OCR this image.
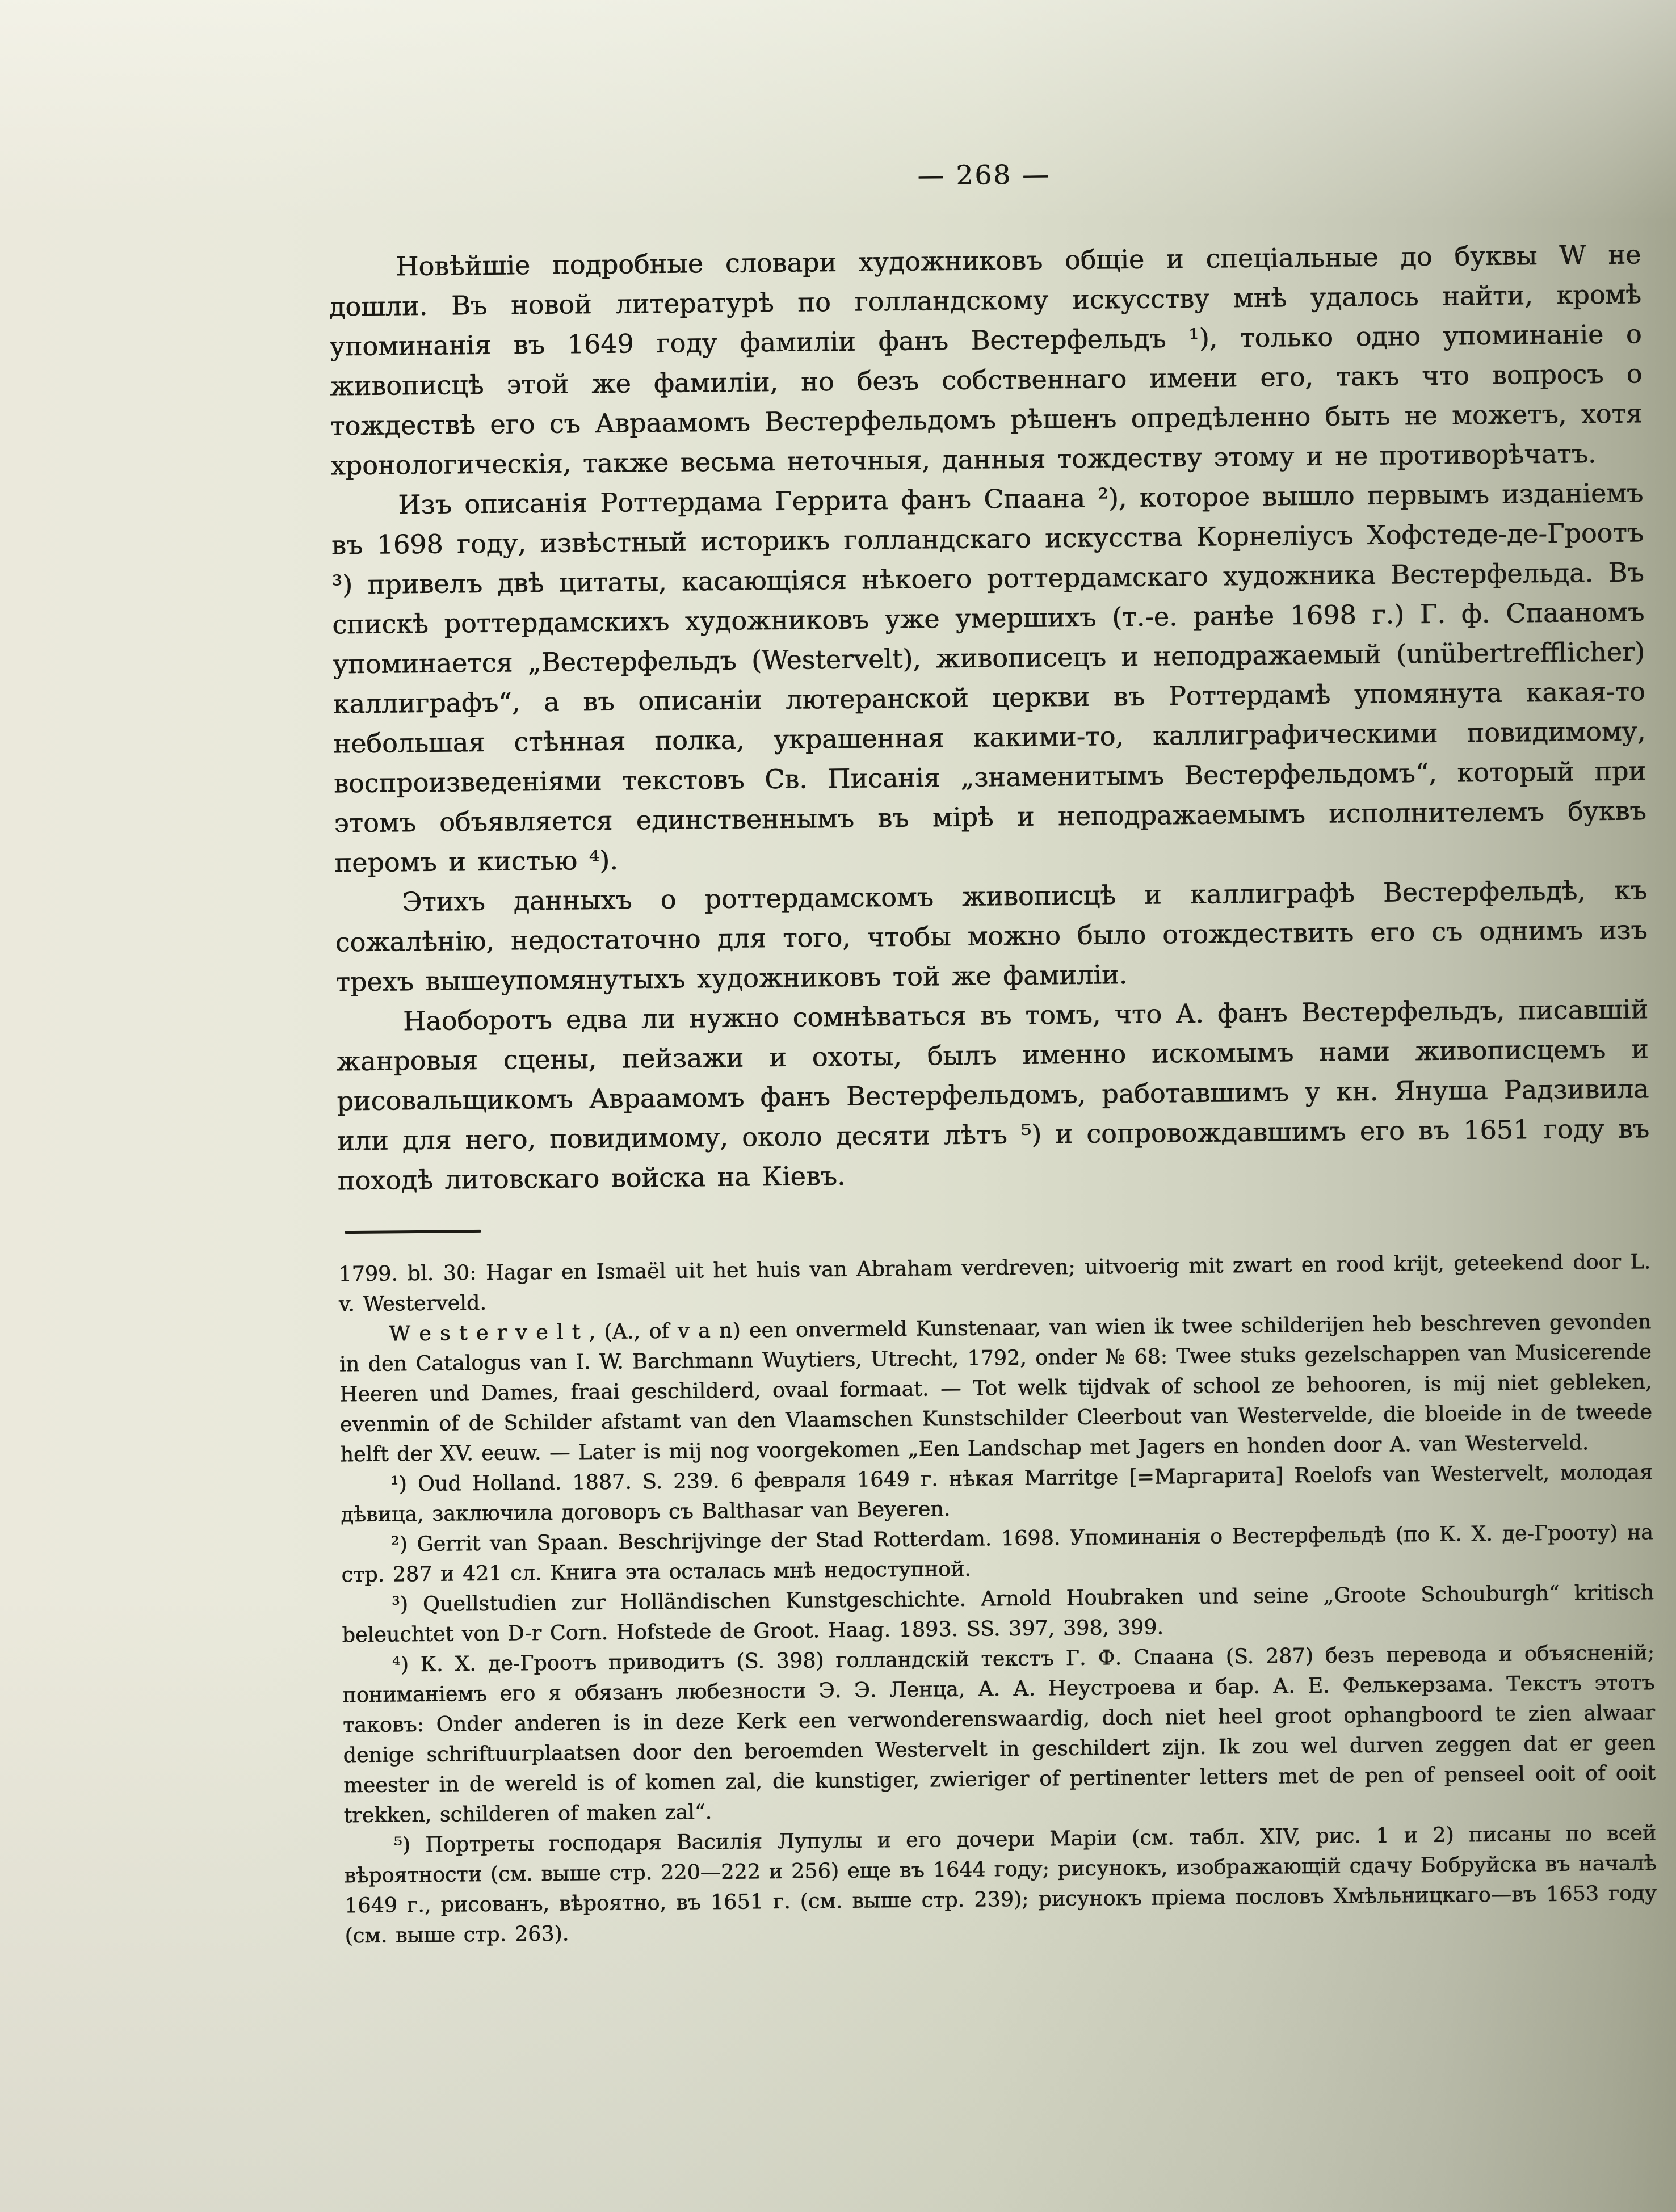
— 268 —

Новѣйшіе подробные словари художниковъ общіе и спеціальные до буквы W не дошли. Въ новой литературѣ по голландскому искусству мнѣ удалось найти, кромѣ упоминанія въ 1649 году фамиліи фанъ Вестерфельдъ ¹), только одно упоминаніе о живописцѣ этой же фамиліи, но безъ собственнаго имени его, такъ что вопросъ о тождествѣ его съ Авраамомъ Вестерфельдомъ рѣшенъ опредѣленно быть не можетъ, хотя хронологическія, также весьма неточныя, данныя тождеству этому и не противорѣчатъ.

Изъ описанія Роттердама Геррита фанъ Спаана ²), которое вышло первымъ изданіемъ въ 1698 году, извѣстный историкъ голландскаго искусства Корнеліусъ Хофстеде-де-Гроотъ ³) привелъ двѣ цитаты, касающіяся нѣкоего роттердамскаго художника Вестерфельда. Въ спискѣ роттердамскихъ художниковъ уже умершихъ (т.-е. ранѣе 1698 г.) Г. ф. Спааномъ упоминается „Вестерфельдъ (Westervelt), живописецъ и неподражаемый (unübertrefflicher) каллиграфъ“, а въ описаніи лютеранской церкви въ Роттердамѣ упомянута какая-то небольшая стѣнная полка, украшенная какими-то, каллиграфическими повидимому, воспроизведеніями текстовъ Св. Писанія „знаменитымъ Вестерфельдомъ“, который при этомъ объявляется единственнымъ въ мірѣ и неподражаемымъ исполнителемъ буквъ перомъ и кистью ⁴).

Этихъ данныхъ о роттердамскомъ живописцѣ и каллиграфѣ Вестерфельдѣ, къ сожалѣнію, недостаточно для того, чтобы можно было отождествить его съ однимъ изъ трехъ вышеупомянутыхъ художниковъ той же фамиліи.

Наоборотъ едва ли нужно сомнѣваться въ томъ, что А. фанъ Вестерфельдъ, писавшій жанровыя сцены, пейзажи и охоты, былъ именно искомымъ нами живописцемъ и рисовальщикомъ Авраамомъ фанъ Вестерфельдомъ, работавшимъ у кн. Януша Радзивила или для него, повидимому, около десяти лѣтъ ⁵) и сопровождавшимъ его въ 1651 году въ походѣ литовскаго войска на Кіевъ.

1799. bl. 30: Hagar en Ismaël uit het huis van Abraham verdreven; uitvoerig mit zwart en rood krijt, geteekend door L. v. Westerveld.

W e s t e r v e l t , (A., of v a n) een onvermeld Kunstenaar, van wien ik twee schilderijen heb beschreven gevonden in den Catalogus van I. W. Barchmann Wuytiers, Utrecht, 1792, onder № 68: Twee stuks gezelschappen van Musicerende Heeren und Dames, fraai geschilderd, ovaal formaat. — Tot welk tijdvak of school ze behooren, is mij niet gebleken, evenmin of de Schilder afstamt van den Vlaamschen Kunstschilder Cleerbout van Westervelde, die bloeide in de tweede helft der XV. eeuw. — Later is mij nog voorgekomen „Een Landschap met Jagers en honden door A. van Westerveld.

¹) Oud Holland. 1887. S. 239. 6 февраля 1649 г. нѣкая Marritge [=Маргарита] Roelofs van Westervelt, молодая дѣвица, заключила договоръ съ Balthasar van Beyeren.

²) Gerrit van Spaan. Beschrijvinge der Stad Rotterdam. 1698. Упоминанія о Вестерфельдѣ (по К. Х. де-Грооту) на стр. 287 и 421 сл. Книга эта осталась мнѣ недоступной.

³) Quellstudien zur Holländischen Kunstgeschichte. Arnold Houbraken und seine „Groote Schouburgh“ kritisch beleuchtet von D-r Corn. Hofstede de Groot. Haag. 1893. SS. 397, 398, 399.

⁴) К. Х. де-Гроотъ приводитъ (S. 398) голландскій текстъ Г. Ф. Спаана (S. 287) безъ перевода и объясненій; пониманіемъ его я обязанъ любезности Э. Э. Ленца, А. А. Неустроева и бар. А. Е. Фелькерзама. Текстъ этотъ таковъ: Onder anderen is in deze Kerk een verwonderenswaardig, doch niet heel groot ophangboord te zien alwaar denige schriftuurplaatsen door den beroemden Westervelt in geschildert zijn. Ik zou wel durven zeggen dat er geen meester in de wereld is of komen zal, die kunstiger, zwieriger of pertinenter letters met de pen of penseel ooit of ooit trekken, schilderen of maken zal“.

⁵) Портреты господаря Василія Лупулы и его дочери Маріи (см. табл. XIV, рис. 1 и 2) писаны по всей вѣроятности (см. выше стр. 220—222 и 256) еще въ 1644 году; рисунокъ, изображающій сдачу Бобруйска въ началѣ 1649 г., рисованъ, вѣроятно, въ 1651 г. (см. выше стр. 239); рисунокъ пріема пословъ Хмѣльницкаго—въ 1653 году (см. выше стр. 263).
